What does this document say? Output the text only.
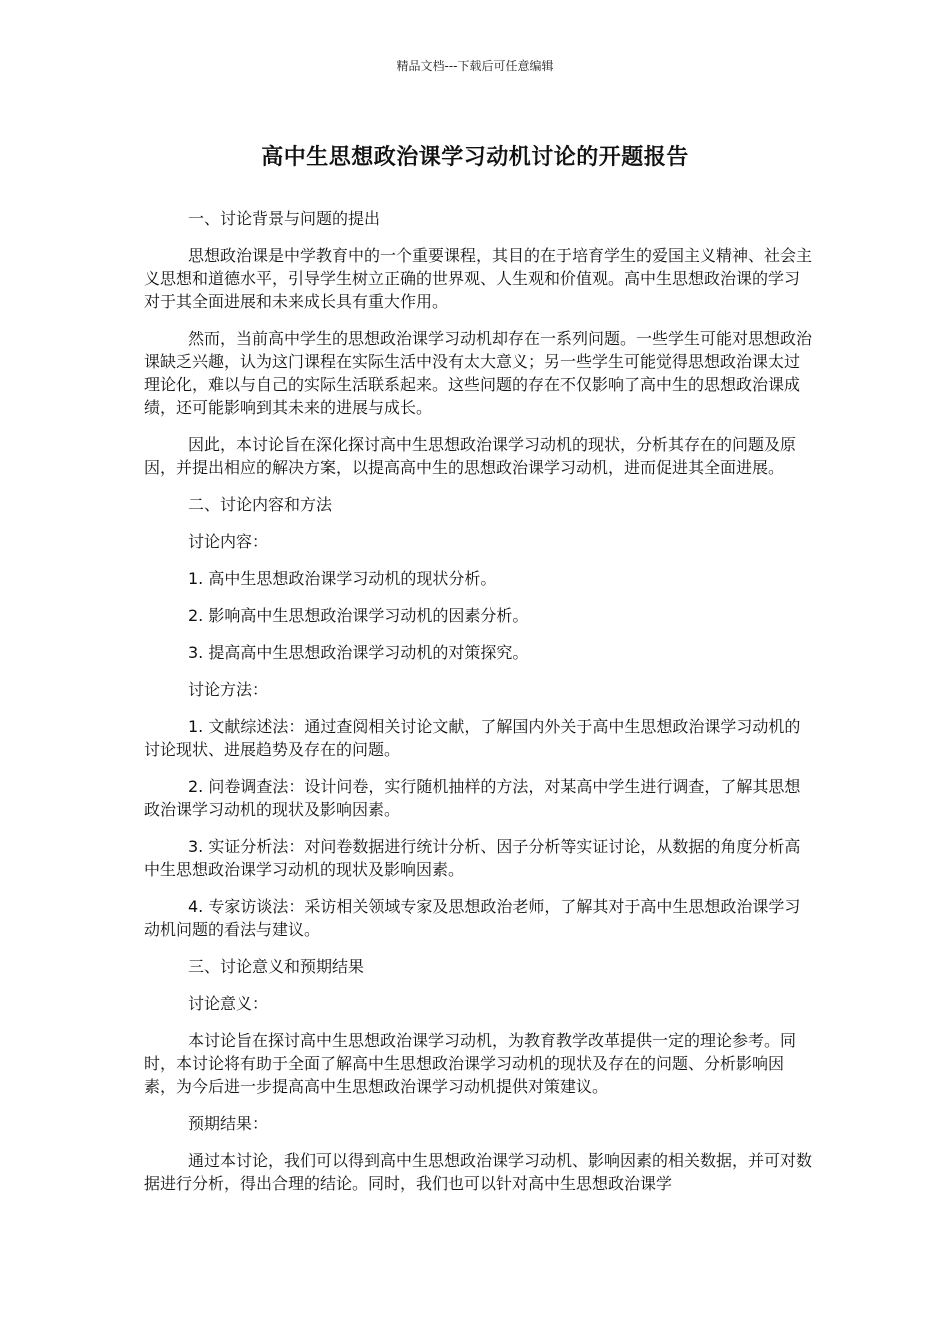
精品文档---下载后可任意编辑
高中生思想政治课学习动机讨论的开题报告

一、讨论背景与问题的提出

思想政治课是中学教育中的一个重要课程，其目的在于培育学生的爱国主义精神、社会主义思想和道德水平，引导学生树立正确的世界观、人生观和价值观。高中生思想政治课的学习对于其全面进展和未来成长具有重大作用。

然而，当前高中学生的思想政治课学习动机却存在一系列问题。一些学生可能对思想政治课缺乏兴趣，认为这门课程在实际生活中没有太大意义；另一些学生可能觉得思想政治课太过理论化，难以与自己的实际生活联系起来。这些问题的存在不仅影响了高中生的思想政治课成绩，还可能影响到其未来的进展与成长。

因此，本讨论旨在深化探讨高中生思想政治课学习动机的现状，分析其存在的问题及原因，并提出相应的解决方案，以提高高中生的思想政治课学习动机，进而促进其全面进展。

二、讨论内容和方法

讨论内容：

1. 高中生思想政治课学习动机的现状分析。

2. 影响高中生思想政治课学习动机的因素分析。

3. 提高高中生思想政治课学习动机的对策探究。

讨论方法：

1. 文献综述法：通过查阅相关讨论文献，了解国内外关于高中生思想政治课学习动机的讨论现状、进展趋势及存在的问题。

2. 问卷调查法：设计问卷，实行随机抽样的方法，对某高中学生进行调查，了解其思想政治课学习动机的现状及影响因素。

3. 实证分析法：对问卷数据进行统计分析、因子分析等实证讨论，从数据的角度分析高中生思想政治课学习动机的现状及影响因素。

4. 专家访谈法：采访相关领域专家及思想政治老师，了解其对于高中生思想政治课学习动机问题的看法与建议。

三、讨论意义和预期结果

讨论意义：

本讨论旨在探讨高中生思想政治课学习动机，为教育教学改革提供一定的理论参考。同时，本讨论将有助于全面了解高中生思想政治课学习动机的现状及存在的问题、分析影响因素，为今后进一步提高高中生思想政治课学习动机提供对策建议。

预期结果：

通过本讨论，我们可以得到高中生思想政治课学习动机、影响因素的相关数据，并可对数据进行分析，得出合理的结论。同时，我们也可以针对高中生思想政治课学
